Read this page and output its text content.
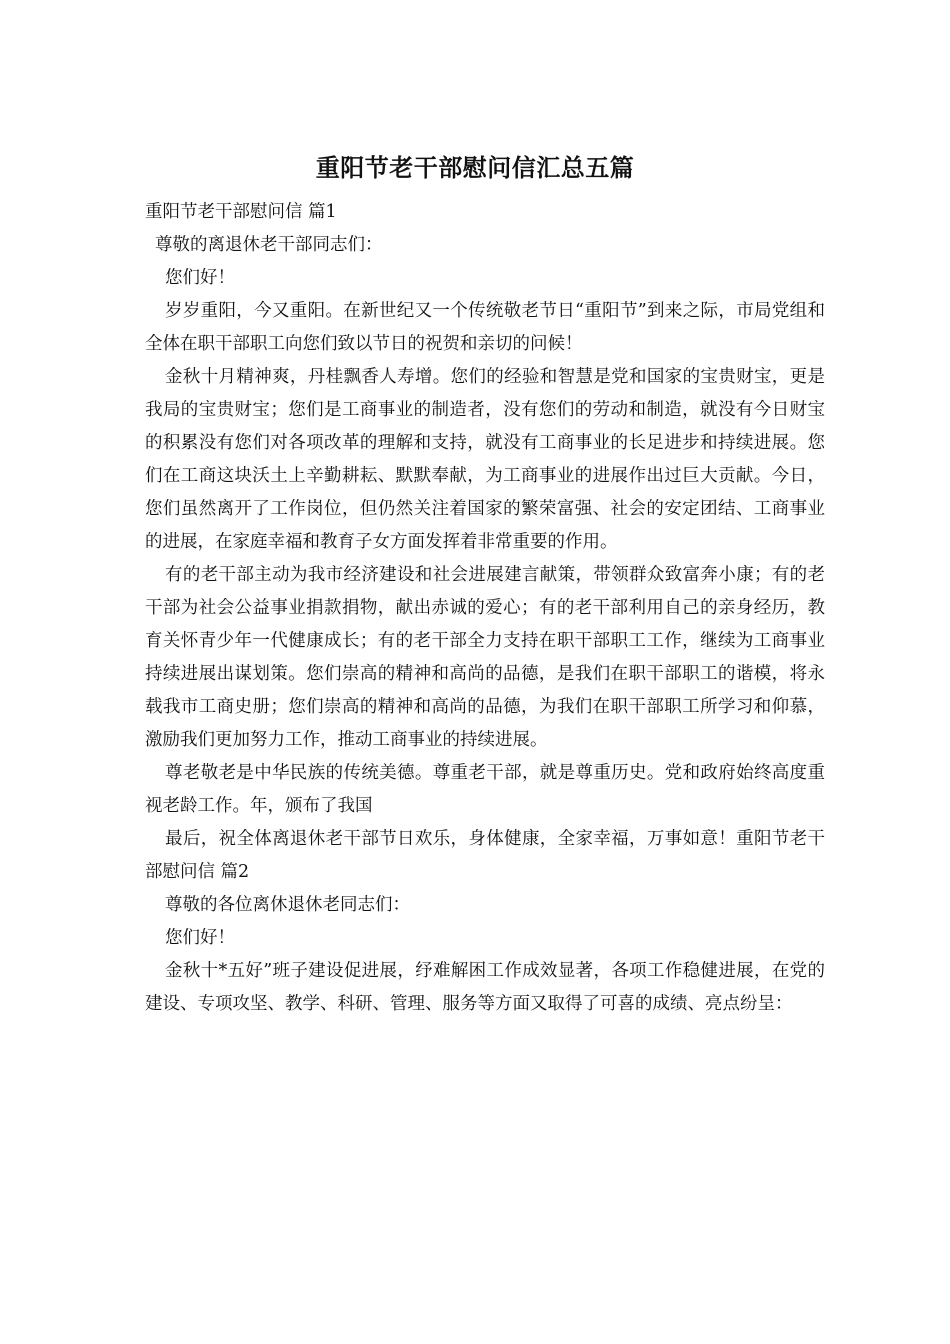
重阳节老干部慰问信汇总五篇

重阳节老干部慰问信 篇1

尊敬的离退休老干部同志们：

您们好！

岁岁重阳，今又重阳。在新世纪又一个传统敬老节日“重阳节”到来之际，市局党组和全体在职干部职工向您们致以节日的祝贺和亲切的问候！

金秋十月精神爽，丹桂飘香人寿增。您们的经验和智慧是党和国家的宝贵财宝，更是我局的宝贵财宝；您们是工商事业的制造者，没有您们的劳动和制造，就没有今日财宝的积累没有您们对各项改革的理解和支持，就没有工商事业的长足进步和持续进展。您们在工商这块沃土上辛勤耕耘、默默奉献，为工商事业的进展作出过巨大贡献。今日，您们虽然离开了工作岗位，但仍然关注着国家的繁荣富强、社会的安定团结、工商事业的进展，在家庭幸福和教育子女方面发挥着非常重要的作用。

有的老干部主动为我市经济建设和社会进展建言献策，带领群众致富奔小康；有的老干部为社会公益事业捐款捐物，献出赤诚的爱心；有的老干部利用自己的亲身经历，教育关怀青少年一代健康成长；有的老干部全力支持在职干部职工工作，继续为工商事业持续进展出谋划策。您们崇高的精神和高尚的品德，是我们在职干部职工的谐模，将永载我市工商史册；您们崇高的精神和高尚的品德，为我们在职干部职工所学习和仰慕，激励我们更加努力工作，推动工商事业的持续进展。

尊老敬老是中华民族的传统美德。尊重老干部，就是尊重历史。党和政府始终高度重视老龄工作。年，颁布了我国

最后，祝全体离退休老干部节日欢乐，身体健康，全家幸福，万事如意！重阳节老干部慰问信 篇2

尊敬的各位离休退休老同志们：

您们好！

金秋十*五好”班子建设促进展，纾难解困工作成效显著，各项工作稳健进展，在党的建设、专项攻坚、教学、科研、管理、服务等方面又取得了可喜的成绩、亮点纷呈：
